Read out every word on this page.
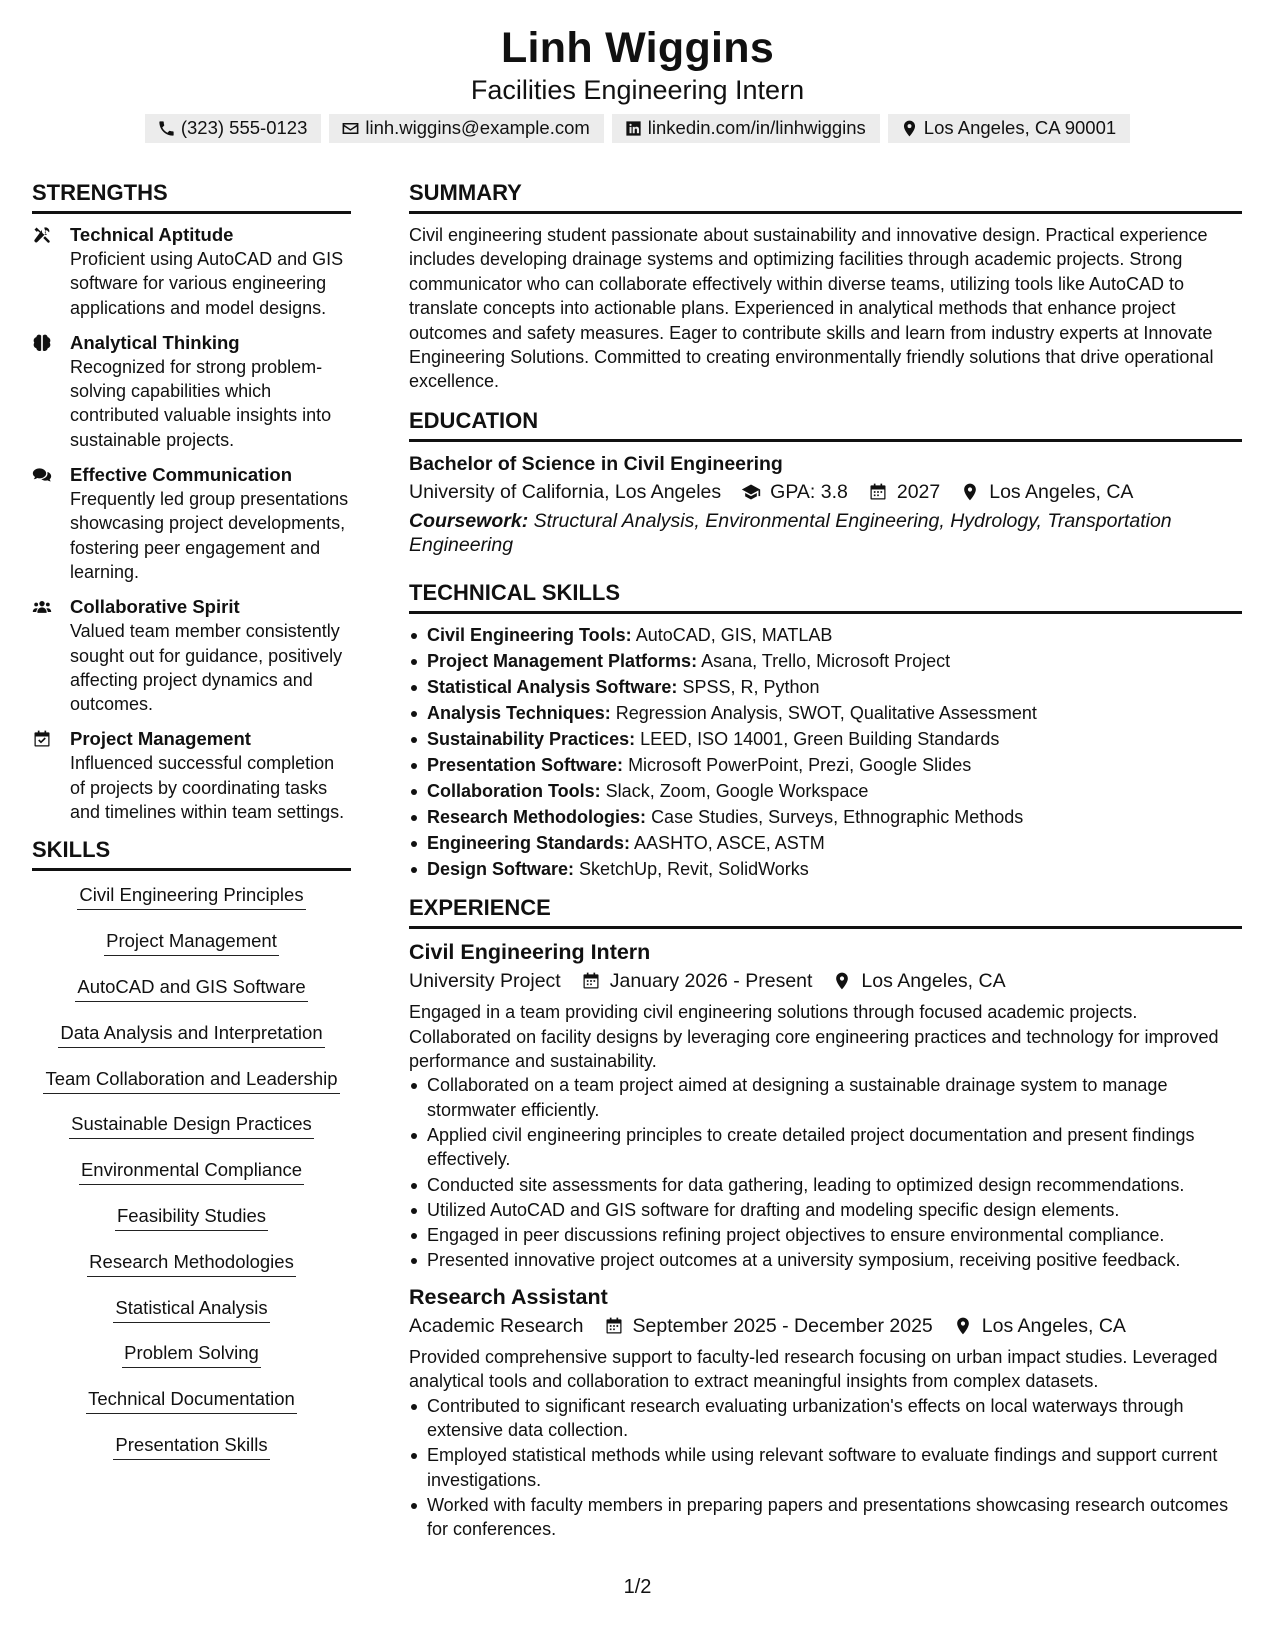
Linh Wiggins
Facilities Engineering Intern
(323) 555-0123	linh.wiggins@example.com	linkedin.com/in/linhwiggins	Los Angeles, CA 90001
STRENGTHS
Technical Aptitude
Proficient using AutoCAD and GIS software for various engineering applications and model designs.
Analytical Thinking
Recognized for strong problem-solving capabilities which contributed valuable insights into sustainable projects.
Effective Communication
Frequently led group presentations showcasing project developments, fostering peer engagement and learning.
Collaborative Spirit
Valued team member consistently sought out for guidance, positively affecting project dynamics and outcomes.
Project Management
Influenced successful completion of projects by coordinating tasks and timelines within team settings.
SKILLS
Civil Engineering Principles
Project Management
AutoCAD and GIS Software
Data Analysis and Interpretation
Team Collaboration and Leadership
Sustainable Design Practices
Environmental Compliance
Feasibility Studies
Research Methodologies
Statistical Analysis
Problem Solving
Technical Documentation
Presentation Skills
SUMMARY
Civil engineering student passionate about sustainability and innovative design. Practical experience includes developing drainage systems and optimizing facilities through academic projects. Strong communicator who can collaborate effectively within diverse teams, utilizing tools like AutoCAD to translate concepts into actionable plans. Experienced in analytical methods that enhance project outcomes and safety measures. Eager to contribute skills and learn from industry experts at Innovate Engineering Solutions. Committed to creating environmentally friendly solutions that drive operational excellence.
EDUCATION
Bachelor of Science in Civil Engineering
University of California, Los Angeles	GPA: 3.8	2027	Los Angeles, CA
Coursework: Structural Analysis, Environmental Engineering, Hydrology, Transportation Engineering
TECHNICAL SKILLS
Civil Engineering Tools: AutoCAD, GIS, MATLAB
Project Management Platforms: Asana, Trello, Microsoft Project
Statistical Analysis Software: SPSS, R, Python
Analysis Techniques: Regression Analysis, SWOT, Qualitative Assessment
Sustainability Practices: LEED, ISO 14001, Green Building Standards
Presentation Software: Microsoft PowerPoint, Prezi, Google Slides
Collaboration Tools: Slack, Zoom, Google Workspace
Research Methodologies: Case Studies, Surveys, Ethnographic Methods
Engineering Standards: AASHTO, ASCE, ASTM
Design Software: SketchUp, Revit, SolidWorks
EXPERIENCE
Civil Engineering Intern
University Project	January 2026 - Present	Los Angeles, CA
Engaged in a team providing civil engineering solutions through focused academic projects. Collaborated on facility designs by leveraging core engineering practices and technology for improved performance and sustainability.
Collaborated on a team project aimed at designing a sustainable drainage system to manage stormwater efficiently.
Applied civil engineering principles to create detailed project documentation and present findings effectively.
Conducted site assessments for data gathering, leading to optimized design recommendations.
Utilized AutoCAD and GIS software for drafting and modeling specific design elements.
Engaged in peer discussions refining project objectives to ensure environmental compliance.
Presented innovative project outcomes at a university symposium, receiving positive feedback.
Research Assistant
Academic Research	September 2025 - December 2025	Los Angeles, CA
Provided comprehensive support to faculty-led research focusing on urban impact studies. Leveraged analytical tools and collaboration to extract meaningful insights from complex datasets.
Contributed to significant research evaluating urbanization's effects on local waterways through extensive data collection.
Employed statistical methods while using relevant software to evaluate findings and support current investigations.
Worked with faculty members in preparing papers and presentations showcasing research outcomes for conferences.
1/2
